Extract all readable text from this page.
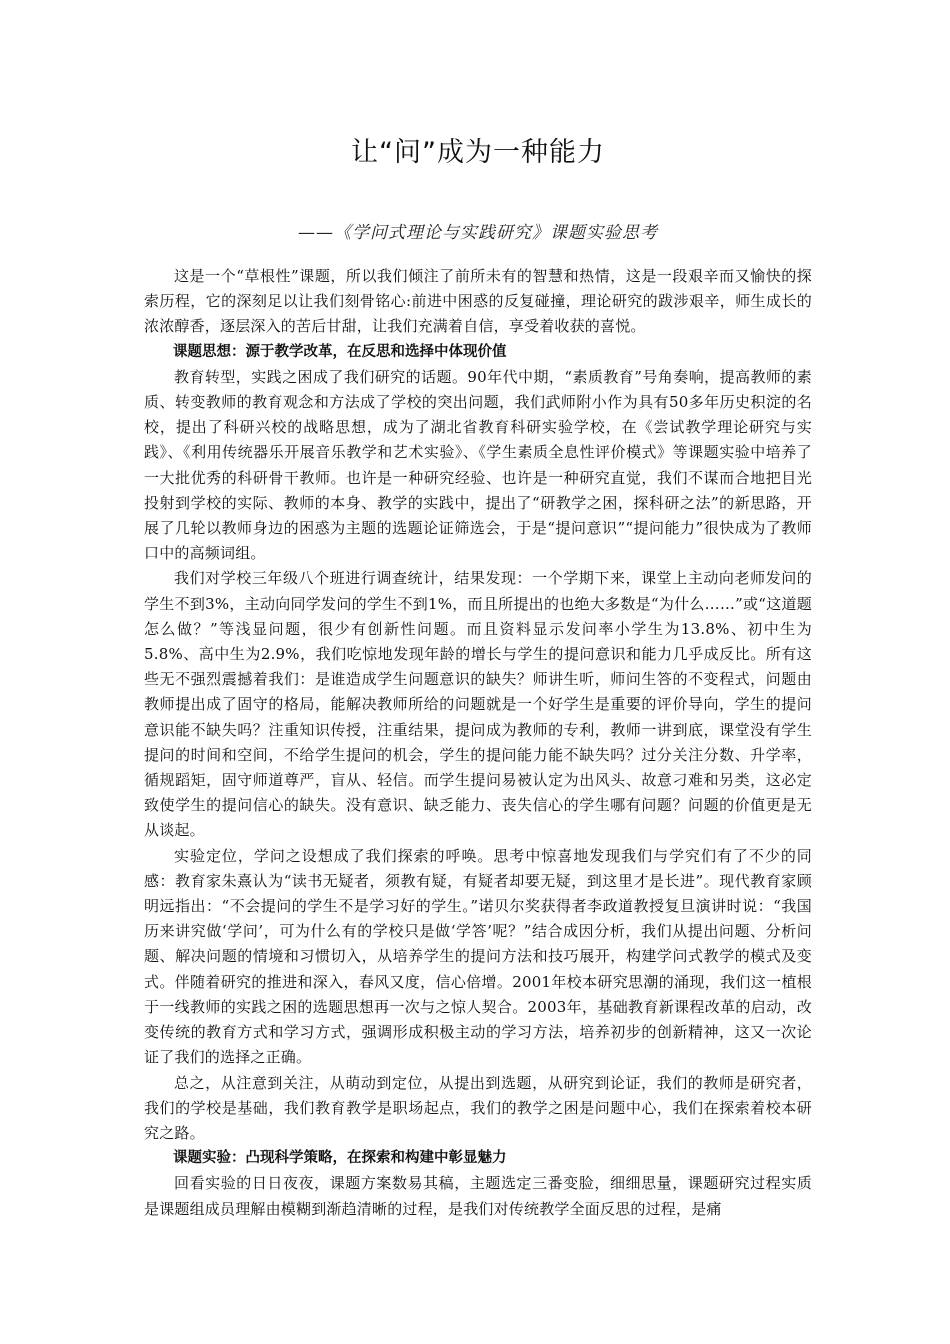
让“问”成为一种能力
——《学问式理论与实践研究》课题实验思考

这是一个“草根性”课题，所以我们倾注了前所未有的智慧和热情，这是一段艰辛而又愉快的探索历程，它的深刻足以让我们刻骨铭心:前进中困惑的反复碰撞，理论研究的跋涉艰辛，师生成长的浓浓醇香，逐层深入的苦后甘甜，让我们充满着自信，享受着收获的喜悦。

课题思想：源于教学改革，在反思和选择中体现价值

教育转型，实践之困成了我们研究的话题。90年代中期，“素质教育”号角奏响，提高教师的素质、转变教师的教育观念和方法成了学校的突出问题，我们武师附小作为具有50多年历史积淀的名校，提出了科研兴校的战略思想，成为了湖北省教育科研实验学校，在《尝试教学理论研究与实践》、《利用传统器乐开展音乐教学和艺术实验》、《学生素质全息性评价模式》等课题实验中培养了一大批优秀的科研骨干教师。也许是一种研究经验、也许是一种研究直觉，我们不谋而合地把目光投射到学校的实际、教师的本身、教学的实践中，提出了“研教学之困，探科研之法”的新思路，开展了几轮以教师身边的困惑为主题的选题论证筛选会，于是“提问意识”“提问能力”很快成为了教师口中的高频词组。

我们对学校三年级八个班进行调查统计，结果发现：一个学期下来，课堂上主动向老师发问的学生不到3%，主动向同学发问的学生不到1%，而且所提出的也绝大多数是“为什么……”或“这道题怎么做？”等浅显问题，很少有创新性问题。而且资料显示发问率小学生为13.8%、初中生为5.8%、高中生为2.9%，我们吃惊地发现年龄的增长与学生的提问意识和能力几乎成反比。所有这些无不强烈震撼着我们：是谁造成学生问题意识的缺失？师讲生听，师问生答的不变程式，问题由教师提出成了固守的格局，能解决教师所给的问题就是一个好学生是重要的评价导向，学生的提问意识能不缺失吗？注重知识传授，注重结果，提问成为教师的专利，教师一讲到底，课堂没有学生提问的时间和空间，不给学生提问的机会，学生的提问能力能不缺失吗？过分关注分数、升学率，循规蹈矩，固守师道尊严，盲从、轻信。而学生提问易被认定为出风头、故意刁难和另类，这必定致使学生的提问信心的缺失。没有意识、缺乏能力、丧失信心的学生哪有问题？问题的价值更是无从谈起。

实验定位，学问之设想成了我们探索的呼唤。思考中惊喜地发现我们与学究们有了不少的同感：教育家朱熹认为“读书无疑者，须教有疑，有疑者却要无疑，到这里才是长进”。现代教育家顾明远指出：“不会提问的学生不是学习好的学生。”诺贝尔奖获得者李政道教授复旦演讲时说：“我国历来讲究做‘学问’，可为什么有的学校只是做‘学答’呢？”结合成因分析，我们从提出问题、分析问题、解决问题的情境和习惯切入，从培养学生的提问方法和技巧展开，构建学问式教学的模式及变式。伴随着研究的推进和深入，春风又度，信心倍增。2001年校本研究思潮的涌现，我们这一植根于一线教师的实践之困的选题思想再一次与之惊人契合。2003年，基础教育新课程改革的启动，改变传统的教育方式和学习方式，强调形成积极主动的学习方法，培养初步的创新精神，这又一次论证了我们的选择之正确。

总之，从注意到关注，从萌动到定位，从提出到选题，从研究到论证，我们的教师是研究者，我们的学校是基础，我们教育教学是职场起点，我们的教学之困是问题中心，我们在探索着校本研究之路。

课题实验：凸现科学策略，在探索和构建中彰显魅力

回看实验的日日夜夜，课题方案数易其稿，主题选定三番变脸，细细思量，课题研究过程实质是课题组成员理解由模糊到渐趋清晰的过程，是我们对传统教学全面反思的过程，是痛
